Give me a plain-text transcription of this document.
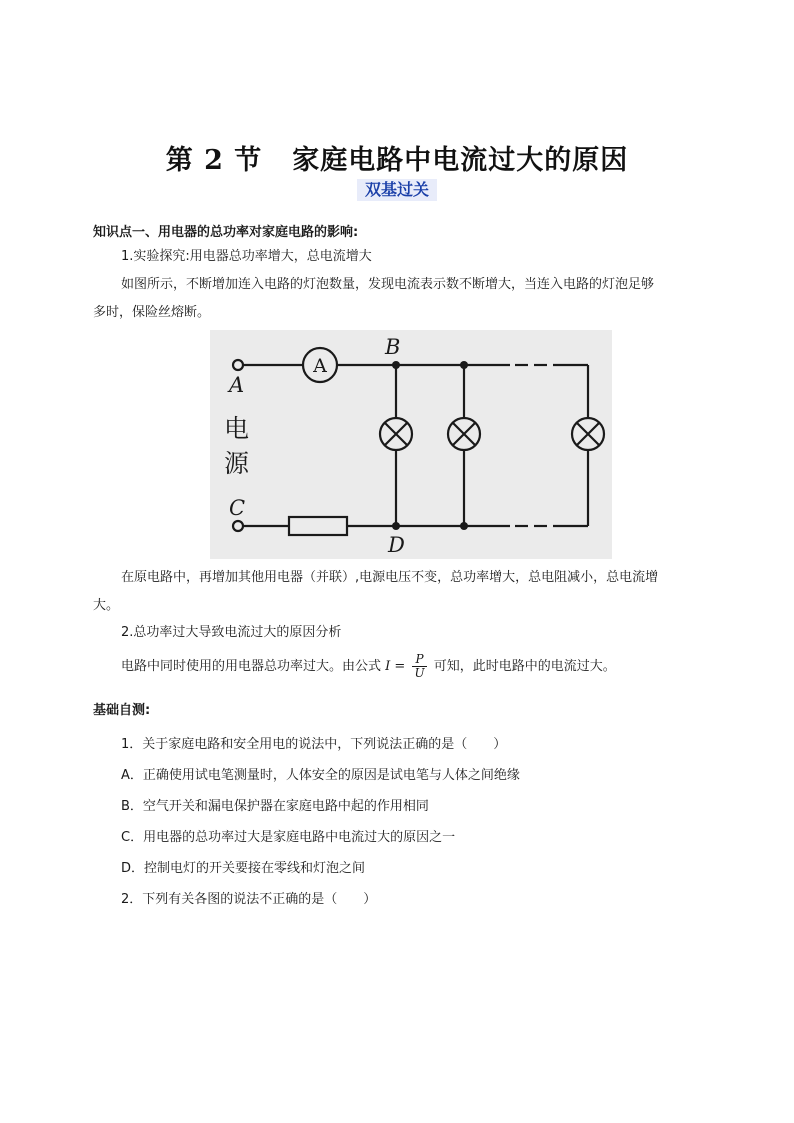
第 2 节 家庭电路中电流过大的原因
双基过关
知识点一、用电器的总功率对家庭电路的影响:
1.实验探究:用电器总功率增大，总电流增大
如图所示，不断增加连入电路的灯泡数量，发现电流表示数不断增大，当连入电路的灯泡足够
多时，保险丝熔断。
A
A
B
C
D
电
源
在原电路中，再增加其他用电器（并联）,电源电压不变，总功率增大，总电阻减小，总电流增
大。
2.总功率过大导致电流过大的原因分析
电路中同时使用的用电器总功率过大。由公式 $I = \frac{P}{U}$ 可知，此时电路中的电流过大。
基础自测:
1．关于家庭电路和安全用电的说法中，下列说法正确的是（　　）
A．正确使用试电笔测量时，人体安全的原因是试电笔与人体之间绝缘
B．空气开关和漏电保护器在家庭电路中起的作用相同
C．用电器的总功率过大是家庭电路中电流过大的原因之一
D．控制电灯的开关要接在零线和灯泡之间
2．下列有关各图的说法不正确的是（　　）
